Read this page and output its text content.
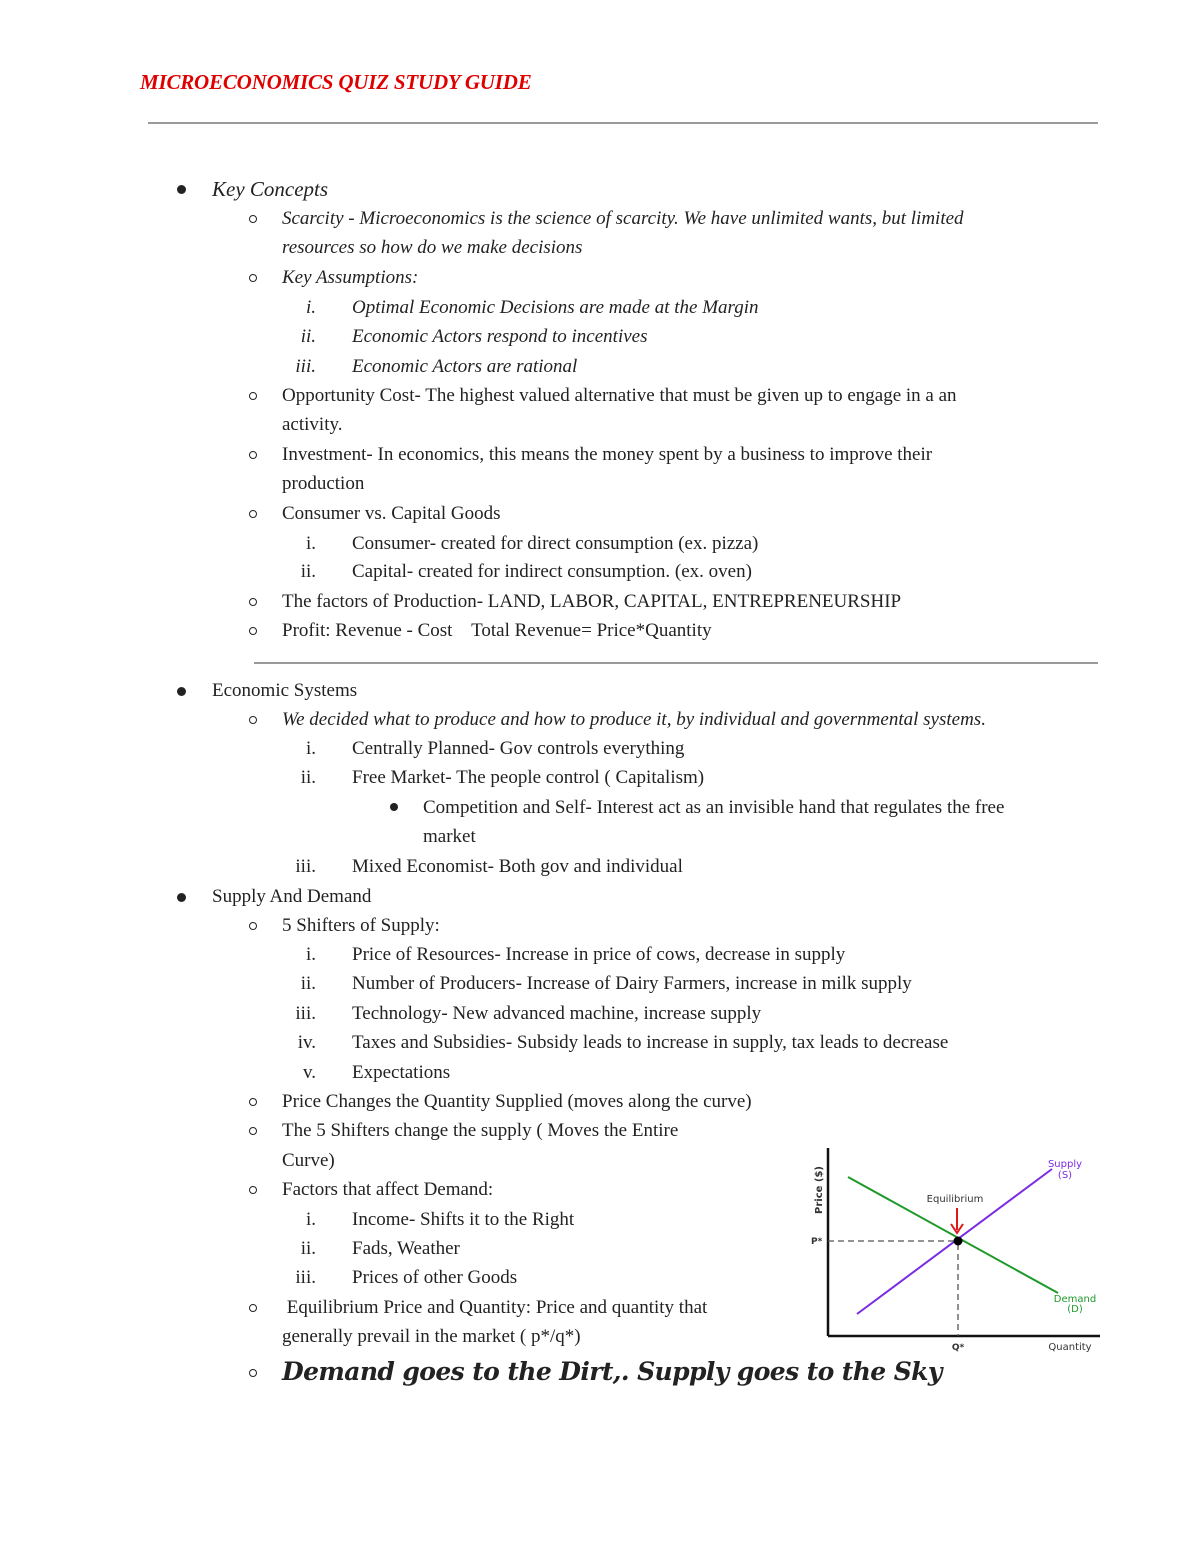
MICROECONOMICS QUIZ STUDY GUIDE
Key Concepts
Scarcity - Microeconomics is the science of scarcity. We have unlimited wants, but limited
resources so how do we make decisions
Key Assumptions:
i. Optimal Economic Decisions are made at the Margin
ii. Economic Actors respond to incentives
iii. Economic Actors are rational
Opportunity Cost- The highest valued alternative that must be given up to engage in a an
activity.
Investment- In economics, this means the money spent by a business to improve their
production
Consumer vs. Capital Goods
i. Consumer- created for direct consumption (ex. pizza)
ii. Capital- created for indirect consumption. (ex. oven)
The factors of Production- LAND, LABOR, CAPITAL, ENTREPRENEURSHIP
Profit: Revenue - Cost    Total Revenue= Price*Quantity
Economic Systems
We decided what to produce and how to produce it, by individual and governmental systems.
i. Centrally Planned- Gov controls everything
ii. Free Market- The people control ( Capitalism)
Competition and Self- Interest act as an invisible hand that regulates the free
market
iii. Mixed Economist- Both gov and individual
Supply And Demand
5 Shifters of Supply:
i. Price of Resources- Increase in price of cows, decrease in supply
ii. Number of Producers- Increase of Dairy Farmers, increase in milk supply
iii. Technology- New advanced machine, increase supply
iv. Taxes and Subsidies- Subsidy leads to increase in supply, tax leads to decrease
v. Expectations
Price Changes the Quantity Supplied (moves along the curve)
The 5 Shifters change the supply ( Moves the Entire
Curve)
Factors that affect Demand:
i. Income- Shifts it to the Right
ii. Fads, Weather
iii. Prices of other Goods
Equilibrium Price and Quantity: Price and quantity that
generally prevail in the market ( p*/q*)
Demand goes to the Dirt,. Supply goes to the Sky
Price ($)
Quantity
P*
Q*
Equilibrium
Supply
(S)
Demand
(D)
